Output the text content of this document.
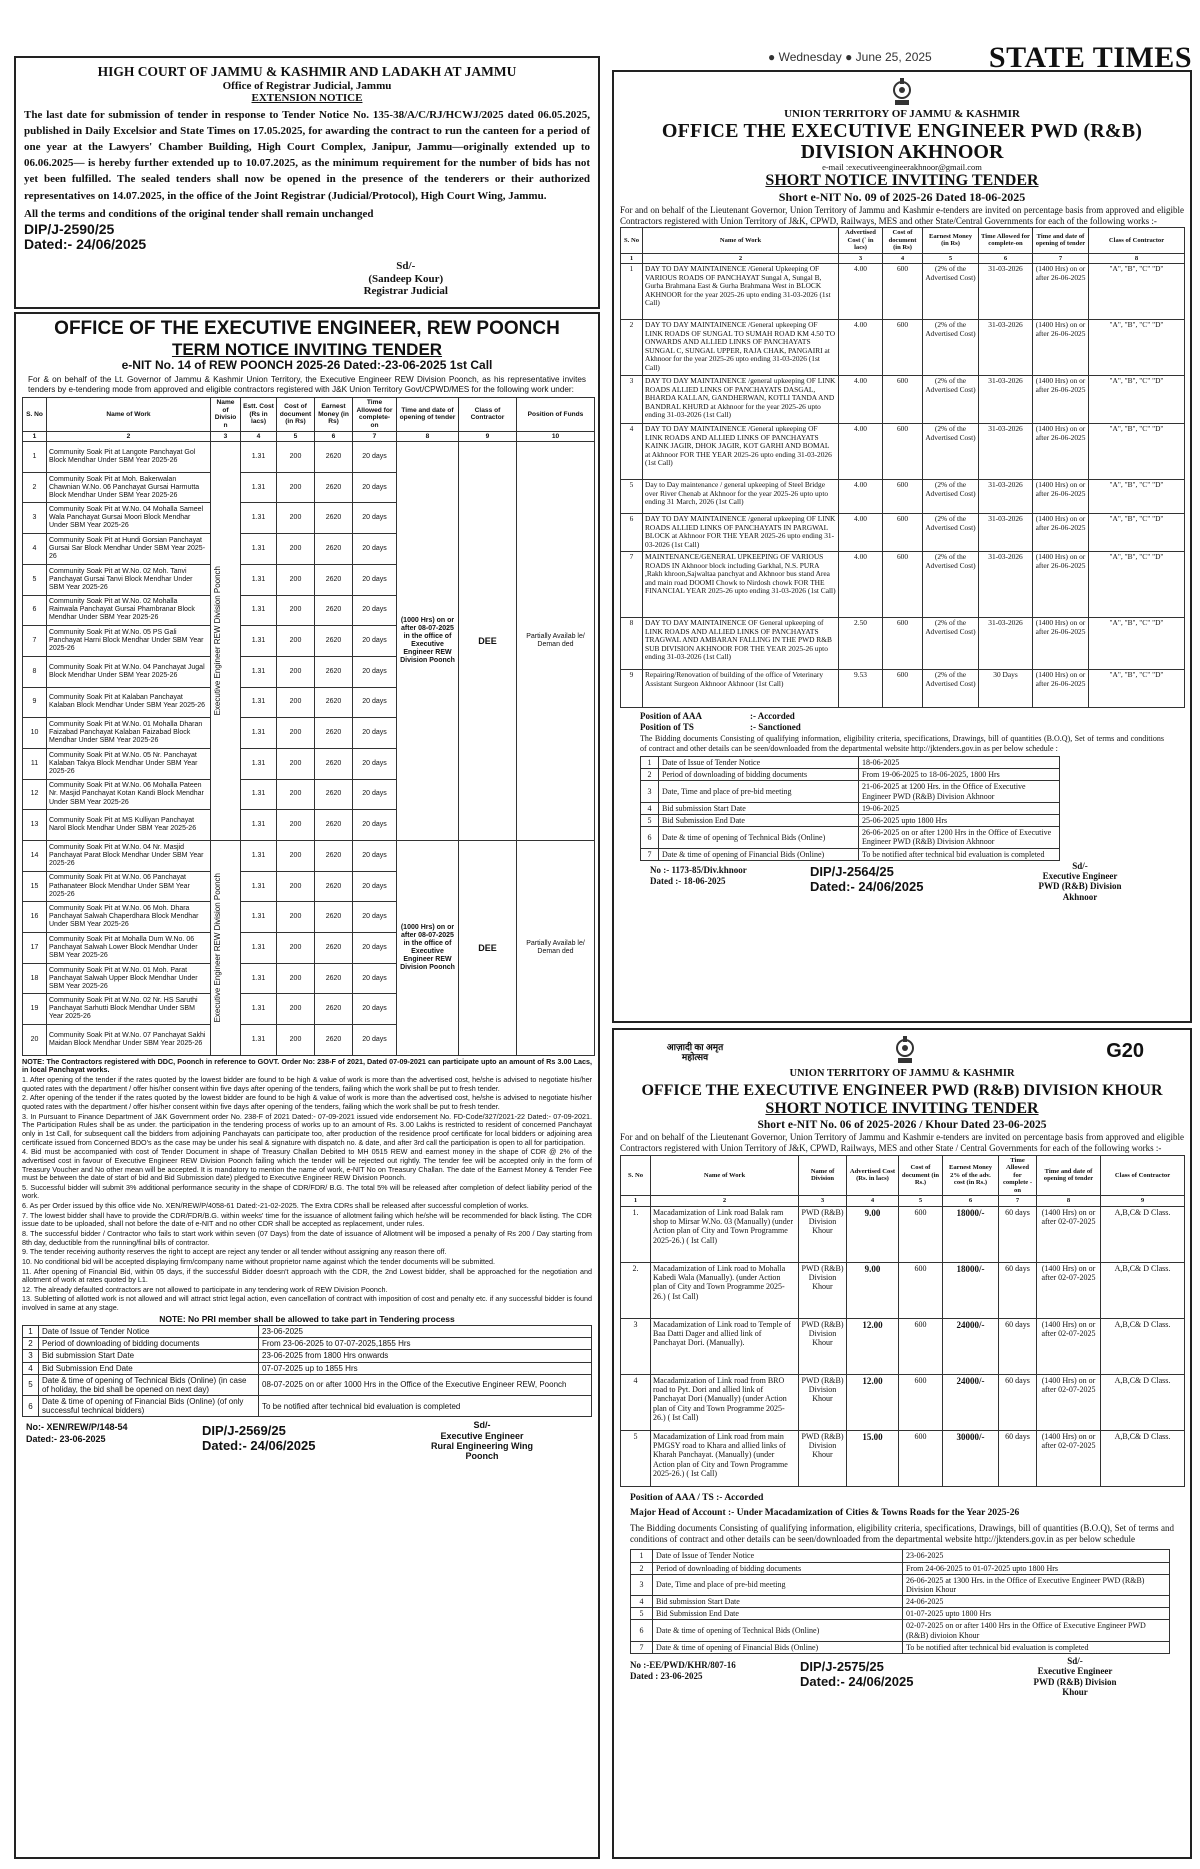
● Wednesday ● June 25, 2025 STATE TIMES
HIGH COURT OF JAMMU & KASHMIR AND LADAKH AT JAMMU
Office of Registrar Judicial, Jammu
EXTENSION NOTICE
The last date for submission of tender in response to Tender Notice No. 135-38/A/C/RJ/HCWJ/2025 dated 06.05.2025, published in Daily Excelsior and State Times on 17.05.2025, for awarding the contract to run the canteen for a period of one year at the Lawyers' Chamber Building, High Court Complex, Janipur, Jammu—originally extended up to 06.06.2025— is hereby further extended up to 10.07.2025, as the minimum requirement for the number of bids has not yet been fulfilled. The sealed tenders shall now be opened in the presence of the tenderers or their authorized representatives on 14.07.2025, in the office of the Joint Registrar (Judicial/Protocol), High Court Wing, Jammu.
All the terms and conditions of the original tender shall remain unchanged
DIP/J-2590/25
Dated:- 24/06/2025
Sd/-
(Sandeep Kour)
Registrar Judicial
OFFICE OF THE EXECUTIVE ENGINEER, REW POONCH
TERM NOTICE INVITING TENDER
e-NIT No. 14 of REW POONCH 2025-26 Dated:-23-06-2025 1st Call
For & on behalf of the Lt. Governor of Jammu & Kashmir Union Territory, the Executive Engineer REW Division Poonch, as his representative invites tenders by e-tendering mode from approved and eligible contractors registered with J&K Union Territory Govt/CPWD/MES for the following work under:
S. No	Name of Work	Name of Divisio n	Estt. Cost (Rs in lacs)	Cost of document (in Rs)	Earnest Money (in Rs)	Time Allowed for complete-on	Time and date of opening of tender	Class of Contractor	Position of Funds
1	2	3	4	5	6	7	8	9	10
1	Community Soak Pit at Langote Panchayat Gol Block Mendhar Under SBM Year 2025-26	Executive Engineer REW Division Poonch	1.31	200	2620	20 days	(1000 Hrs) on or after 08-07-2025 in the office of Executive Engineer REW Division Poonch	DEE	Partially Availab le/ Deman ded
2	Community Soak Pit at Moh. Bakerwalan Chawnian W.No. 06 Panchayat Gursai Harmutta Block Mendhar Under SBM Year 2025-26		1.31	200	2620	20 days			
3	Community Soak Pit at W.No. 04 Mohalla Sameel Wala Panchayat Gursai Moori Block Mendhar Under SBM Year 2025-26		1.31	200	2620	20 days			
4	Community Soak Pit at Hundi Gorsian Panchayat Gursai Sar Block Mendhar Under SBM Year 2025-26		1.31	200	2620	20 days			
5	Community Soak Pit at W.No. 02 Moh. Tanvi Panchayat Gursai Tanvi Block Mendhar Under SBM Year 2025-26		1.31	200	2620	20 days			
6	Community Soak Pit at W.No. 02 Mohalla Rainwala Panchayat Gursai Phambranar Block Mendhar Under SBM Year 2025-26		1.31	200	2620	20 days			
7	Community Soak Pit at W.No. 05 PS Gali Panchayat Harni Block Mendhar Under SBM Year 2025-26		1.31	200	2620	20 days			
8	Community Soak Pit at W.No. 04 Panchayat Jugal Block Mendhar Under SBM Year 2025-26		1.31	200	2620	20 days			
9	Community Soak Pit at Kalaban Panchayat Kalaban Block Mendhar Under SBM Year 2025-26		1.31	200	2620	20 days			
10	Community Soak Pit at W.No. 01 Mohalla Dharan Faizabad Panchayat Kalaban Faizabad Block Mendhar Under SBM Year 2025-26		1.31	200	2620	20 days			
11	Community Soak Pit at W.No. 05 Nr. Panchayat Kalaban Takya Block Mendhar Under SBM Year 2025-26		1.31	200	2620	20 days			
12	Community Soak Pit at W.No. 06 Mohalla Pateen Nr. Masjid Panchayat Kotan Kandi Block Mendhar Under SBM Year 2025-26		1.31	200	2620	20 days			
13	Community Soak Pit at MS Kulliyan Panchayat Narol Block Mendhar Under SBM Year 2025-26		1.31	200	2620	20 days			
14	Community Soak Pit at W.No. 04 Nr. Masjid Panchayat Parat Block Mendhar Under SBM Year 2025-26	Executive Engineer REW Division Poonch	1.31	200	2620	20 days	(1000 Hrs) on or after 08-07-2025 in the office of Executive Engineer REW Division Poonch	DEE	Partially Availab le/ Deman ded
15	Community Soak Pit at W.No. 06 Panchayat Pathanateer Block Mendhar Under SBM Year 2025-26		1.31	200	2620	20 days			
16	Community Soak Pit at W.No. 06 Moh. Dhara Panchayat Salwah Chaperdhara Block Mendhar Under SBM Year 2025-26		1.31	200	2620	20 days			
17	Community Soak Pit at Mohalla Dum W.No. 06 Panchayat Salwah Lower Block Mendhar Under SBM Year 2025-26		1.31	200	2620	20 days			
18	Community Soak Pit at W.No. 01 Moh. Parat Panchayat Salwah Upper Block Mendhar Under SBM Year 2025-26		1.31	200	2620	20 days			
19	Community Soak Pit at W.No. 02 Nr. HS Saruthi Panchayat Sarhutti Block Mendhar Under SBM Year 2025-26		1.31	200	2620	20 days			
20	Community Soak Pit at W.No. 07 Panchayat Sakhi Maidan Block Mendhar Under SBM Year 2025-26		1.31	200	2620	20 days			

NOTE: The Contractors registered with DDC, Poonch in reference to GOVT. Order No: 238-F of 2021, Dated 07-09-2021 can participate upto an amount of Rs 3.00 Lacs, in local Panchayat works.

1. After opening of the tender if the rates quoted by the lowest bidder are found to be high & value of work is more than the advertised cost, he/she is advised to negotiate his/her quoted rates with the department / offer his/her consent within five days after opening of the tenders, failing which the work shall be put to fresh tender.

2. After opening of the tender if the rates quoted by the lowest bidder are found to be high & value of work is more than the advertised cost, he/she is advised to negotiate his/her quoted rates with the department / offer his/her consent within five days after opening of the tenders, failing which the work shall be put to fresh tender.

3. In Pursuant to Finance Department of J&K Government order No. 238-F of 2021 Dated:- 07-09-2021 issued vide endorsement No. FD-Code/327/2021-22 Dated:- 07-09-2021. The Participation Rules shall be as under. the participation in the tendering process of works up to an amount of Rs. 3.00 Lakhs is restricted to resident of concerned Panchayat only in 1st Call, for subsequent call the bidders from adjoining Panchayats can participate too, after production of the residence proof certificate for local bidders or adjoining area certificate issued from Concerned BDO's as the case may be under his seal & signature with dispatch no. & date, and after 3rd call the participation is open to all for participation.

4. Bid must be accompanied with cost of Tender Document in shape of Treasury Challan Debited to MH 0515 REW and earnest money in the shape of CDR @ 2% of the advertised cost in favour of Executive Engineer REW Division Poonch failing which the tender will be rejected out rightly. The tender fee will be accepted only in the form of Treasury Voucher and No other mean will be accepted. It is mandatory to mention the name of work, e-NIT No on Treasury Challan. The date of the Earnest Money & Tender Fee must be between the date of start of bid and Bid Submission date) pledged to Executive Engineer REW Division Poonch.

5. Successful bidder will submit 3% additional performance security in the shape of CDR/FDR/ B.G. The total 5% will be released after completion of defect liability period of the work.

6. As per Order issued by this office vide No. XEN/REW/P/4058-61 Dated:-21-02-2025. The Extra CDRs shall be released after successful completion of works.

7. The lowest bidder shall have to provide the CDR/FDR/B.G. within weeks' time for the issuance of allotment failing which he/she will be recommended for black listing. The CDR issue date to be uploaded, shall not before the date of e-NIT and no other CDR shall be accepted as replacement, under rules.

8. The successful bidder / Contractor who fails to start work within seven (07 Days) from the date of issuance of Allotment will be imposed a penalty of Rs 200 / Day starting from 8th day, deductible from the running/final bills of contractor.

9. The tender receiving authority reserves the right to accept are reject any tender or all tender without assigning any reason there off.

10. No conditional bid will be accepted displaying firm/company name without proprietor name against which the tender documents will be submitted.

11. After opening of Financial Bid, within 05 days, if the successful Bidder doesn't approach with the CDR, the 2nd Lowest bidder, shall be approached for the negotiation and allotment of work at rates quoted by L1.

12. The already defaulted contractors are not allowed to participate in any tendering work of REW Division Poonch.

13. Subletting of allotted work is not allowed and will attract strict legal action, even cancellation of contract with imposition of cost and penalty etc. if any successful bidder is found involved in same at any stage.

NOTE: No PRI member shall be allowed to take part in Tendering process

1	Date of Issue of Tender Notice	23-06-2025
2	Period of downloading of bidding documents	From 23-06-2025 to 07-07-2025,1855 Hrs
3	Bid submission Start Date	23-06-2025 from 1800 Hrs onwards
4	Bid Submission End Date	07-07-2025 up to 1855 Hrs
5	Date & time of opening of Technical Bids (Online) (in case of holiday, the bid shall be opened on next day)	08-07-2025 on or after 1000 Hrs in the Office of the Executive Engineer REW, Poonch
6	Date & time of opening of Financial Bids (Online) (of only successful technical bidders)	To be notified after technical bid evaluation is completed
No:- XEN/REW/P/148-54
Dated:- 23-06-2025
DIP/J-2569/25
Dated:- 24/06/2025
Sd/-
Executive Engineer
Rural Engineering Wing
Poonch
UNION TERRITORY OF JAMMU & KASHMIR
OFFICE THE EXECUTIVE ENGINEER PWD (R&B)
DIVISION AKHNOOR
e-mail :executiveengineerakhnoor@gmail.com
SHORT NOTICE INVITING TENDER
Short e-NIT No. 09 of 2025-26 Dated 18-06-2025
For and on behalf of the Lieutenant Governor, Union Territory of Jammu and Kashmir e-tenders are invited on percentage basis from approved and eligible Contractors registered with Union Territory of J&K, CPWD, Railways, MES and other State/Central Governments for each of the following works :-
S. No	Name of Work	Advertised Cost (` in lacs)	Cost of document (in Rs)	Earnest Money (in Rs)	Time Allowed for complete-on	Time and date of opening of tender	Class of Contractor
1	2	3	4	5	6	7	8
1	DAY TO DAY MAINTAINENCE /General Upkeeping OF VARIOUS ROADS OF PANCHAYAT Sungal A, Sungal B, Gurha Brahmana East & Gurha Brahmana West in BLOCK AKHNOOR for the year 2025-26 upto ending 31-03-2026 (1st Call)	4.00	600	(2% of the Advertised Cost)	31-03-2026	(1400 Hrs) on or after 26-06-2025	"A", "B", "C" "D"
2	DAY TO DAY MAINTAINENCE /General upkeeping OF LINK ROADS OF SUNGAL TO SUMAH ROAD KM 4.50 TO ONWARDS AND ALLIED LINKS OF PANCHAYATS SUNGAL C, SUNGAL UPPER, RAJA CHAK, PANGAIRI at Akhnoor for the year 2025-26 upto ending 31-03-2026 (1st Call)	4.00	600	(2% of the Advertised Cost)	31-03-2026	(1400 Hrs) on or after 26-06-2025	"A", "B", "C" "D"
3	DAY TO DAY MAINTAINENCE /general upkeeping OF LINK ROADS ALLIED LINKS OF PANCHAYATS DASGAL, BHARDA KALLAN, GANDHERWAN, KOTLI TANDA AND BANDRAL KHURD at Akhnoor for the year 2025-26 upto ending 31-03-2026 (1st Call)	4.00	600	(2% of the Advertised Cost)	31-03-2026	(1400 Hrs) on or after 26-06-2025	"A", "B", "C" "D"
4	DAY TO DAY MAINTAINENCE /General upkeeping OF LINK ROADS AND ALLIED LINKS OF PANCHAYATS KAINK JAGIR, DHOK JAGIR, KOT GARHI AND BOMAL at Akhnoor FOR THE YEAR 2025-26 upto ending 31-03-2026 (1st Call)	4.00	600	(2% of the Advertised Cost)	31-03-2026	(1400 Hrs) on or after 26-06-2025	"A", "B", "C" "D"
5	Day to Day maintenance / general upkeeping of Steel Bridge over River Chenab at Akhnoor for the year 2025-26 upto upto ending 31 March, 2026 (1st Call)	4.00	600	(2% of the Advertised Cost)	31-03-2026	(1400 Hrs) on or after 26-06-2025	"A", "B", "C" "D"
6	DAY TO DAY MAINTAINENCE /general upkeeping OF LINK ROADS ALLIED LINKS OF PANCHAYATS IN PARGWAL BLOCK at Akhnoor FOR THE YEAR 2025-26 upto ending 31-03-2026 (1st Call)	4.00	600	(2% of the Advertised Cost)	31-03-2026	(1400 Hrs) on or after 26-06-2025	"A", "B", "C" "D"
7	MAINTENANCE/GENERAL UPKEEPING OF VARIOUS ROADS IN Akhnoor block including Garkhal, N.S. PURA ,Rakh khroon,Sajwaltaa panchyat and Akhnoor bus stand Area and main road DOOMI Chowk to Nirdosh chowk FOR THE FINANCIAL YEAR 2025-26 upto ending 31-03-2026 (1st Call)	4.00	600	(2% of the Advertised Cost)	31-03-2026	(1400 Hrs) on or after 26-06-2025	"A", "B", "C" "D"
8	DAY TO DAY MAINTAINENCE OF General upkeeping of LINK ROADS AND ALLIED LINKS OF PANCHAYATS TRAGWAL AND AMBARAN FALLING IN THE PWD R&B SUB DIVISION AKHNOOR FOR THE YEAR 2025-26 upto ending 31-03-2026 (1st Call)	2.50	600	(2% of the Advertised Cost)	31-03-2026	(1400 Hrs) on or after 26-06-2025	"A", "B", "C" "D"
9	Repairing/Renovation of building of the office of Veterinary Assistant Surgeon Akhnoor Akhnoor (1st Call)	9.53	600	(2% of the Advertised Cost)	30 Days	(1400 Hrs) on or after 26-06-2025	"A", "B", "C" "D"
Position of AAA	:- Accorded
Position of TS	:- Sanctioned
The Bidding documents Consisting of qualifying information, eligibility criteria, specifications, Drawings, bill of quantities (B.O.Q), Set of terms and conditions of contract and other details can be seen/downloaded from the departmental website http://jktenders.gov.in as per below schedule :
1	Date of Issue of Tender Notice	18-06-2025
2	Period of downloading of bidding documents	From 19-06-2025 to 18-06-2025, 1800 Hrs
3	Date, Time and place of pre-bid meeting	21-06-2025 at 1200 Hrs. in the Office of Executive Engineer PWD (R&B) Division Akhnoor
4	Bid submission Start Date	19-06-2025
5	Bid Submission End Date	25-06-2025 upto 1800 Hrs
6	Date & time of opening of Technical Bids (Online)	26-06-2025 on or after 1200 Hrs in the Office of Executive Engineer PWD (R&B) Division Akhnoor
7	Date & time of opening of Financial Bids (Online)	To be notified after technical bid evaluation is completed
No :- 1173-85/Div.khnoor
Dated :- 18-06-2025
DIP/J-2564/25
Dated:- 24/06/2025
Sd/-
Executive Engineer
PWD (R&B) Division
Akhnoor
आज़ादी का अमृत महोत्सव	G20
UNION TERRITORY OF JAMMU & KASHMIR
OFFICE THE EXECUTIVE ENGINEER PWD (R&B) DIVISION KHOUR
SHORT NOTICE INVITING TENDER
Short e-NIT No. 06 of 2025-2026 / Khour Dated 23-06-2025
For and on behalf of the Lieutenant Governor, Union Territory of Jammu and Kashmir e-tenders are invited on percentage basis from approved and eligible Contractors registered with Union Territory of J&K, CPWD, Railways, MES and other State / Central Governments for each of the following works :-
S. No	Name of Work	Name of Division	Advertised Cost (Rs. in lacs)	Cost of document (in Rs.)	Earnest Money 2% of the adv. cost (in Rs.)	Time Allowed for complete -on	Time and date of opening of tender	Class of Contractor
1	2	3	4	5	6	7	8	9
1.	Macadamization of Link road Balak ram shop to Mirsar W.No. 03 (Manually) (under Action plan of City and Town Programme 2025-26.) ( Ist Call)	PWD (R&B) Division Khour	9.00	600	18000/-	60 days	(1400 Hrs) on or after 02-07-2025	A,B,C& D Class.
2.	Macadamization of Link road to Mohalla Kabedi Wala (Manually). (under Action plan of City and Town Programme 2025-26.) ( Ist Call)	PWD (R&B) Division Khour	9.00	600	18000/-	60 days	(1400 Hrs) on or after 02-07-2025	A,B,C& D Class.
3	Macadamization of Link road to Temple of Baa Datti Dager and allied link of Panchayat Dori. (Manually).	PWD (R&B) Division Khour	12.00	600	24000/-	60 days	(1400 Hrs) on or after 02-07-2025	A,B,C& D Class.
4	Macadamization of Link road from BRO road to Pyt. Dori and allied link of Panchayat Dori (Manually) (under Action plan of City and Town Programme 2025-26.) ( Ist Call)	PWD (R&B) Division Khour	12.00	600	24000/-	60 days	(1400 Hrs) on or after 02-07-2025	A,B,C& D Class.
5	Macadamization of Link road from main PMGSY road to Khara and allied links of Kharah Panchayat. (Manually) (under Action plan of City and Town Programme 2025-26.) ( Ist Call)	PWD (R&B) Division Khour	15.00	600	30000/-	60 days	(1400 Hrs) on or after 02-07-2025	A,B,C& D Class.
Position of AAA / TS :- Accorded
Major Head of Account :- Under Macadamization of Cities & Towns Roads for the Year 2025-26
The Bidding documents Consisting of qualifying information, eligibility criteria, specifications, Drawings, bill of quantities (B.O.Q), Set of terms and conditions of contract and other details can be seen/downloaded from the departmental website http://jktenders.gov.in as per below schedule
1	Date of Issue of Tender Notice	23-06-2025
2	Period of downloading of bidding documents	From 24-06-2025 to 01-07-2025 upto 1800 Hrs
3	Date, Time and place of pre-bid meeting	26-06-2025 at 1300 Hrs. in the Office of Executive Engineer PWD (R&B) Division Khour
4	Bid submission Start Date	24-06-2025
5	Bid Submission End Date	01-07-2025 upto 1800 Hrs
6	Date & time of opening of Technical Bids (Online)	02-07-2025 on or after 1400 Hrs in the Office of Executive Engineer PWD (R&B) divioion Khour
7	Date & time of opening of Financial Bids (Online)	To be notified after technical bid evaluation is completed
No :-EE/PWD/KHR/807-16
Dated : 23-06-2025
DIP/J-2575/25
Dated:- 24/06/2025
Sd/-
Executive Engineer
PWD (R&B) Division
Khour
